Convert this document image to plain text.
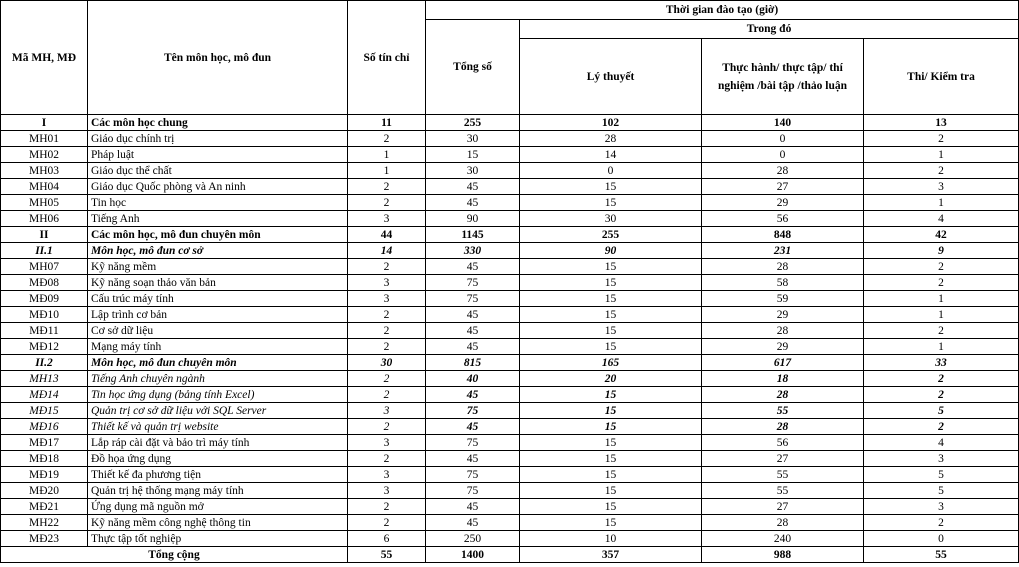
Mã MH, MĐ	Tên môn học, mô đun	Số tín chỉ	Thời gian đào tạo (giờ)			
			Tổng số	Trong đó		
				Lý thuyết	Thực hành/ thực tập/ thí nghiệm /bài tập /thảo luận	Thi/ Kiểm tra
I	Các môn học chung	11	255	102	140	13
MH01	Giáo dục chính trị	2	30	28	0	2
MH02	Pháp luật	1	15	14	0	1
MH03	Giáo dục thể chất	1	30	0	28	2
MH04	Giáo dục Quốc phòng và An ninh	2	45	15	27	3
MH05	Tin học	2	45	15	29	1
MH06	Tiếng Anh	3	90	30	56	4
II	Các môn học, mô đun chuyên môn	44	1145	255	848	42
II.1	Môn học, mô đun cơ sở	14	330	90	231	9
MH07	Kỹ năng mềm	2	45	15	28	2
MĐ08	Kỹ năng soạn thảo văn bản	3	75	15	58	2
MĐ09	Cấu trúc máy tính	3	75	15	59	1
MĐ10	Lập trình cơ bản	2	45	15	29	1
MĐ11	Cơ sở dữ liệu	2	45	15	28	2
MĐ12	Mạng máy tính	2	45	15	29	1
II.2	Môn học, mô đun chuyên môn	30	815	165	617	33
MH13	Tiếng Anh chuyên ngành	2	40	20	18	2
MĐ14	Tin học ứng dụng (bảng tính Excel)	2	45	15	28	2
MĐ15	Quản trị cơ sở dữ liệu với SQL Server	3	75	15	55	5
MĐ16	Thiết kế và quản trị website	2	45	15	28	2
MĐ17	Lắp ráp cài đặt và bảo trì máy tính	3	75	15	56	4
MĐ18	Đồ họa ứng dụng	2	45	15	27	3
MĐ19	Thiết kế đa phương tiện	3	75	15	55	5
MĐ20	Quản trị hệ thống mạng máy tính	3	75	15	55	5
MĐ21	Ứng dụng mã nguồn mở	2	45	15	27	3
MH22	Kỹ năng mềm công nghệ thông tin	2	45	15	28	2
MĐ23	Thực tập tốt nghiệp	6	250	10	240	0
Tổng cộng		55	1400	357	988	55
